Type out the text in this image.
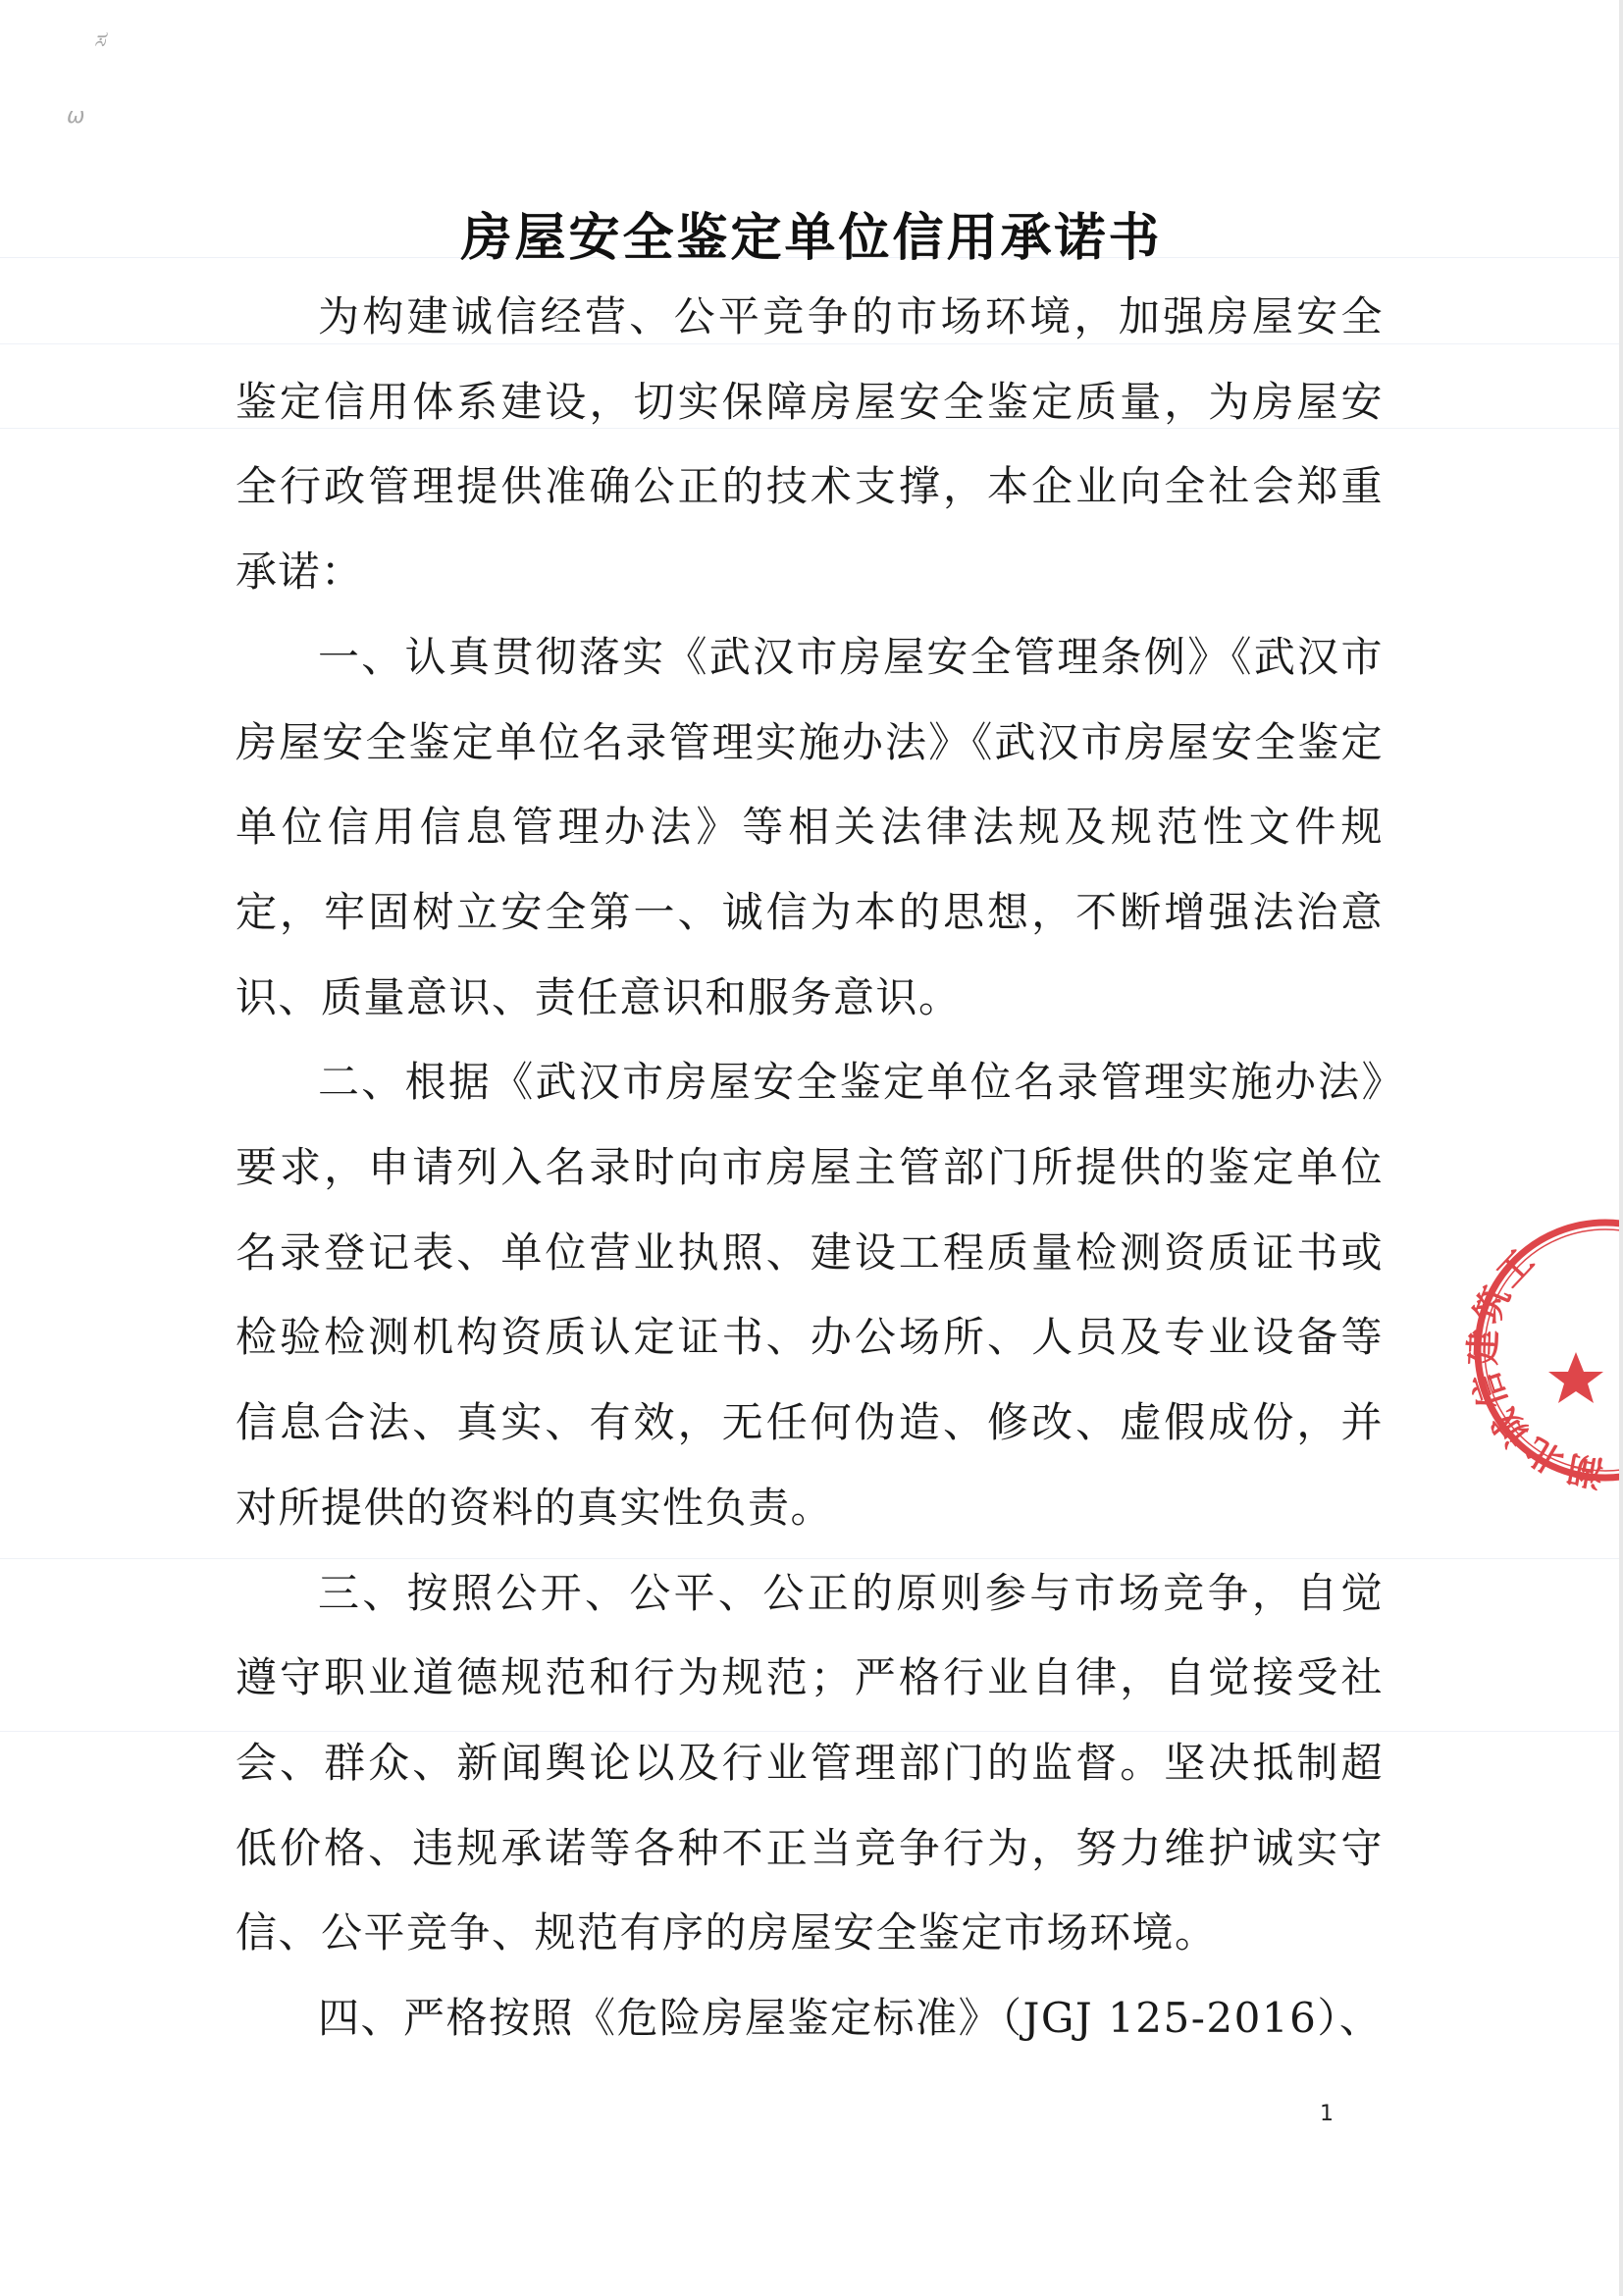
ಸ
ω
房屋安全鉴定单位信用承诺书

为构建诚信经营、公平竞争的市场环境，加强房屋安全鉴定信用体系建设，切实保障房屋安全鉴定质量，为房屋安全行政管理提供准确公正的技术支撑，本企业向全社会郑重承诺：

一、认真贯彻落实《武汉市房屋安全管理条例》《武汉市房屋安全鉴定单位名录管理实施办法》《武汉市房屋安全鉴定单位信用信息管理办法》等相关法律法规及规范性文件规定，牢固树立安全第一、诚信为本的思想，不断增强法治意识、质量意识、责任意识和服务意识。

二、根据《武汉市房屋安全鉴定单位名录管理实施办法》要求，申请列入名录时向市房屋主管部门所提供的鉴定单位名录登记表、单位营业执照、建设工程质量检测资质证书或检验检测机构资质认定证书、办公场所、人员及专业设备等信息合法、真实、有效，无任何伪造、修改、虚假成份，并对所提供的资料的真实性负责。

三、按照公开、公平、公正的原则参与市场竞争，自觉遵守职业道德规范和行为规范；严格行业自律，自觉接受社会、群众、新闻舆论以及行业管理部门的监督。坚决抵制超低价格、违规承诺等各种不正当竞争行为，努力维护诚实守信、公平竞争、规范有序的房屋安全鉴定市场环境。

四、严格按照《危险房屋鉴定标准》（JGJ 125-2016）、

湖北诚信建筑工
1
